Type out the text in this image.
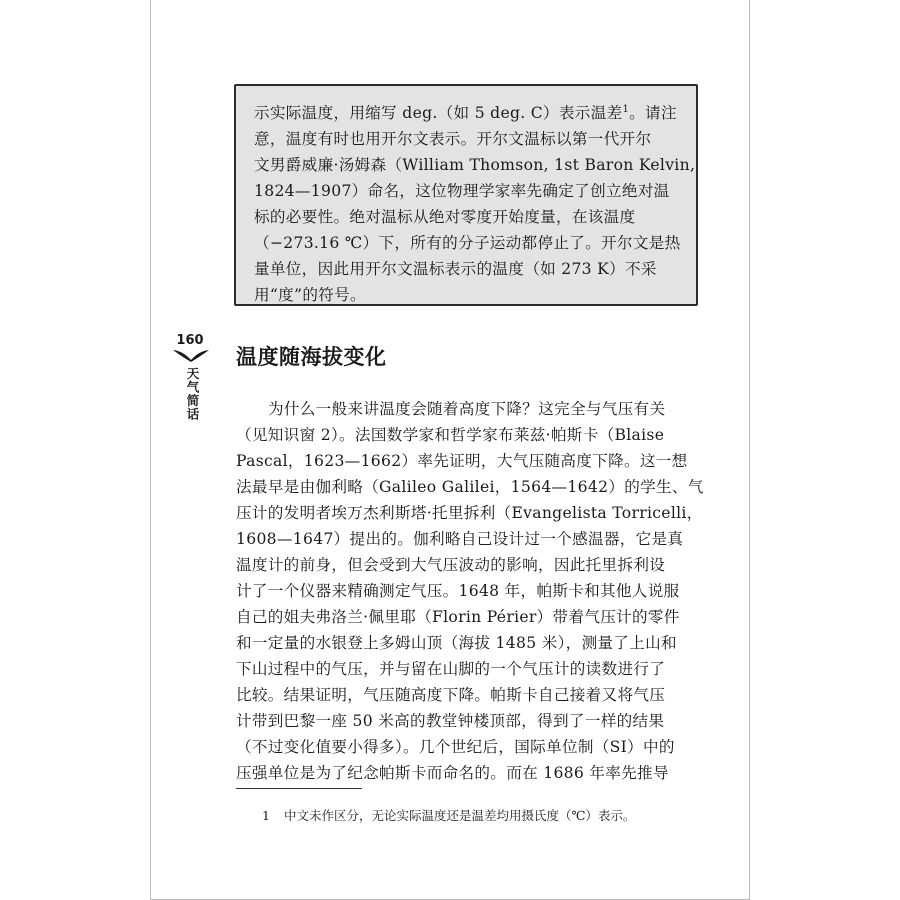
示实际温度，用缩写 deg.（如 5 deg. C）表示温差$^1$。请注
意，温度有时也用开尔文表示。开尔文温标以第一代开尔
文男爵威廉·汤姆森（William Thomson, 1st Baron Kelvin,
1824—1907）命名，这位物理学家率先确定了创立绝对温
标的必要性。绝对温标从绝对零度开始度量，在该温度
（−273.16 ℃）下，所有的分子运动都停止了。开尔文是热
量单位，因此用开尔文温标表示的温度（如 273 K）不采
用“度”的符号。
160
天气简话
温度随海拔变化
为什么一般来讲温度会随着高度下降？这完全与气压有关
（见知识窗 2）。法国数学家和哲学家布莱兹·帕斯卡（Blaise
Pascal，1623—1662）率先证明，大气压随高度下降。这一想
法最早是由伽利略（Galileo Galilei，1564—1642）的学生、气
压计的发明者埃万杰利斯塔·托里拆利（Evangelista Torricelli，
1608—1647）提出的。伽利略自己设计过一个感温器，它是真
温度计的前身，但会受到大气压波动的影响，因此托里拆利设
计了一个仪器来精确测定气压。1648 年，帕斯卡和其他人说服
自己的姐夫弗洛兰·佩里耶（Florin Périer）带着气压计的零件
和一定量的水银登上多姆山顶（海拔 1485 米），测量了上山和
下山过程中的气压，并与留在山脚的一个气压计的读数进行了
比较。结果证明，气压随高度下降。帕斯卡自己接着又将气压
计带到巴黎一座 50 米高的教堂钟楼顶部，得到了一样的结果
（不过变化值要小得多）。几个世纪后，国际单位制（SI）中的
压强单位是为了纪念帕斯卡而命名的。而在 1686 年率先推导
1 中文未作区分，无论实际温度还是温差均用摄氏度（℃）表示。
